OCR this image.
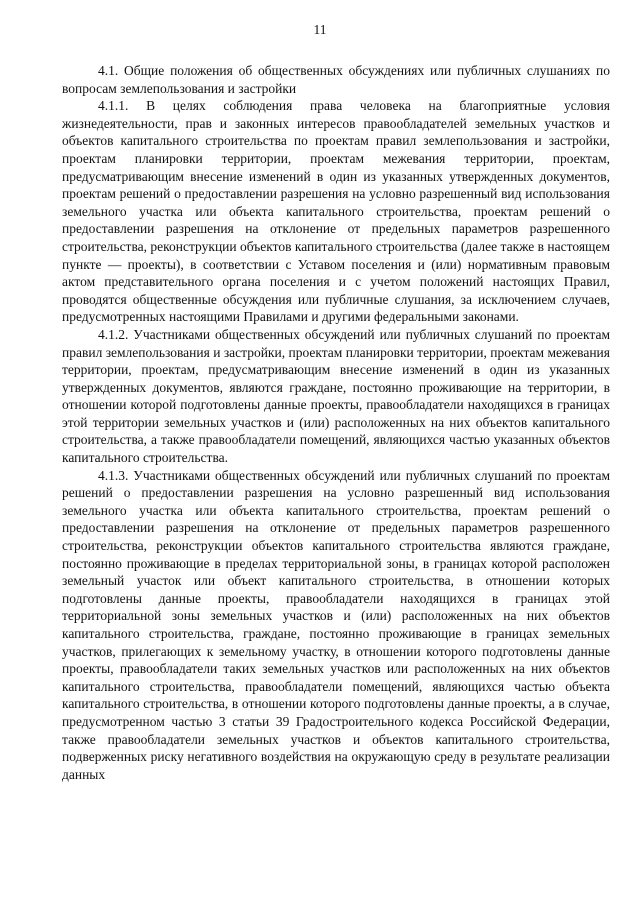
11

4.1. Общие положения об общественных обсуждениях или публичных слушаниях по вопросам землепользования и застройки

4.1.1. В целях соблюдения права человека на благоприятные условия жизнедеятельности, прав и законных интересов правообладателей земельных участков и объектов капитального строительства по проектам правил землепользования и застройки, проектам планировки территории, проектам межевания территории, проектам, предусматривающим внесение изменений в один из указанных утвержденных документов, проектам решений о предоставлении разрешения на условно разрешенный вид использования земельного участка или объекта капитального строительства, проектам решений о предоставлении разрешения на отклонение от предельных параметров разрешенного строительства, реконструкции объектов капитального строительства (далее также в настоящем пункте — проекты), в соответствии с Уставом поселения и (или) нормативным правовым актом представительного органа поселения и с учетом положений настоящих Правил, проводятся общественные обсуждения или публичные слушания, за исключением случаев, предусмотренных настоящими Правилами и другими федеральными законами.

4.1.2. Участниками общественных обсуждений или публичных слушаний по проектам правил землепользования и застройки, проектам планировки территории, проектам межевания территории, проектам, предусматривающим внесение изменений в один из указанных утвержденных документов, являются граждане, постоянно проживающие на территории, в отношении которой подготовлены данные проекты, правообладатели находящихся в границах этой территории земельных участков и (или) расположенных на них объектов капитального строительства, а также правообладатели помещений, являющихся частью указанных объектов капитального строительства.

4.1.3. Участниками общественных обсуждений или публичных слушаний по проектам решений о предоставлении разрешения на условно разрешенный вид использования земельного участка или объекта капитального строительства, проектам решений о предоставлении разрешения на отклонение от предельных параметров разрешенного строительства, реконструкции объектов капитального строительства являются граждане, постоянно проживающие в пределах территориальной зоны, в границах которой расположен земельный участок или объект капитального строительства, в отношении которых подготовлены данные проекты, правообладатели находящихся в границах этой территориальной зоны земельных участков и (или) расположенных на них объектов капитального строительства, граждане, постоянно проживающие в границах земельных участков, прилегающих к земельному участку, в отношении которого подготовлены данные проекты, правообладатели таких земельных участков или расположенных на них объектов капитального строительства, правообладатели помещений, являющихся частью объекта капитального строительства, в отношении которого подготовлены данные проекты, а в случае, предусмотренном частью 3 статьи 39 Градостроительного кодекса Российской Федерации, также правообладатели земельных участков и объектов капитального строительства, подверженных риску негативного воздействия на окружающую среду в результате реализации данных
